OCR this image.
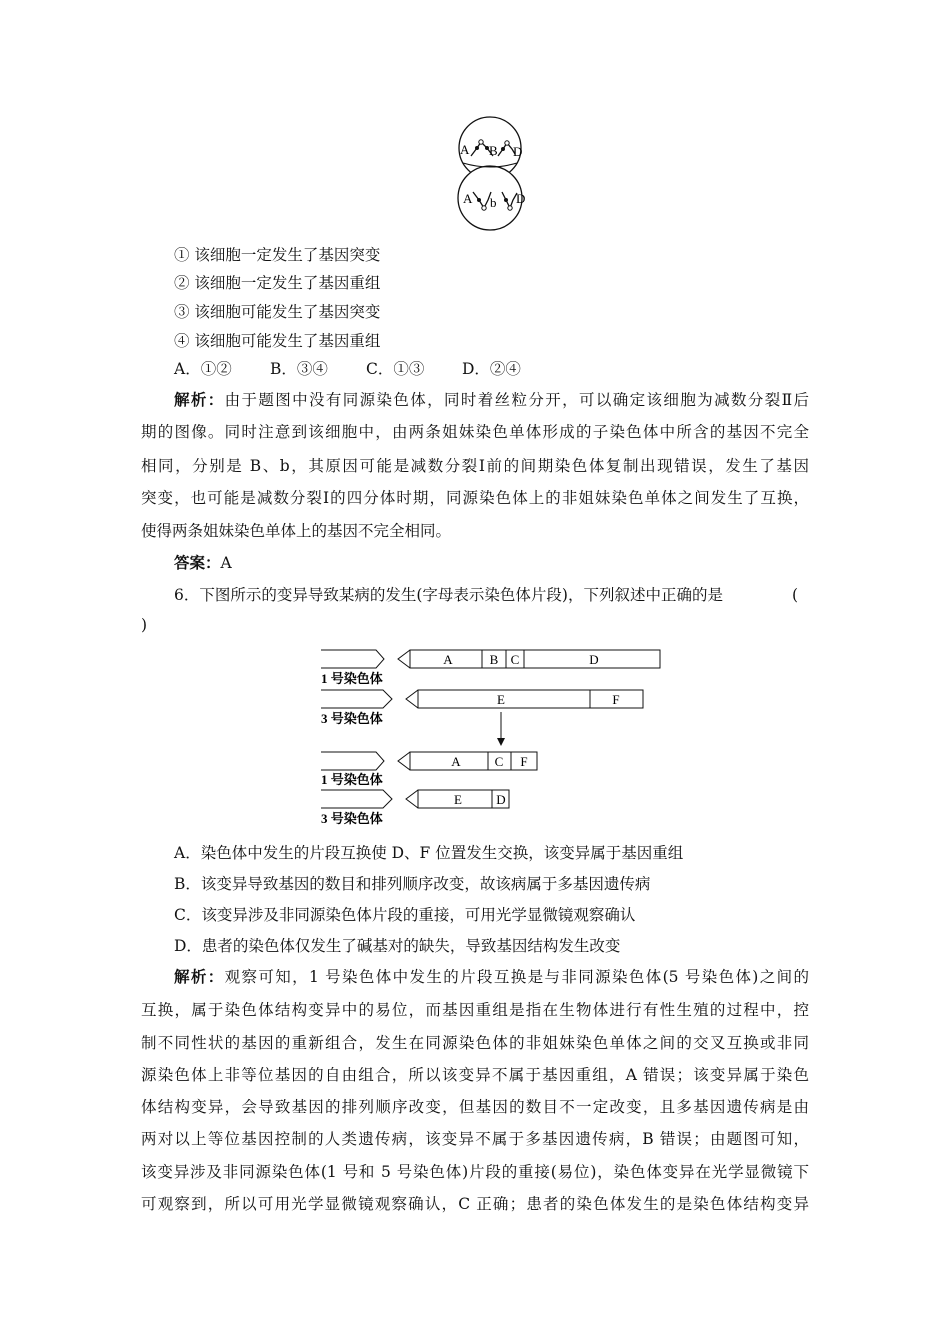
A B D
A b D
① 该细胞一定发生了基因突变
② 该细胞一定发生了基因重组
③ 该细胞可能发生了基因突变
④ 该细胞可能发生了基因重组
A．①② B．③④ C．①③ D．②④
解析：由于题图中没有同源染色体，同时着丝粒分开，可以确定该细胞为减数分裂Ⅱ后
期的图像。同时注意到该细胞中，由两条姐妹染色单体形成的子染色体中所含的基因不完全
相同，分别是 B、b，其原因可能是减数分裂Ⅰ前的间期染色体复制出现错误，发生了基因
突变，也可能是减数分裂Ⅰ的四分体时期，同源染色体上的非姐妹染色单体之间发生了互换，
使得两条姐妹染色单体上的基因不完全相同。
答案：A
6．下图所示的变异导致某病的发生(字母表示染色体片段)，下列叙述中正确的是	(
)
A	B C	D
E	F
A	C F
E	D
1 号染色体
3 号染色体
1 号染色体
3 号染色体
A．染色体中发生的片段互换使 D、F 位置发生交换，该变异属于基因重组
B．该变异导致基因的数目和排列顺序改变，故该病属于多基因遗传病
C．该变异涉及非同源染色体片段的重接，可用光学显微镜观察确认
D．患者的染色体仅发生了碱基对的缺失，导致基因结构发生改变
解析：观察可知，1 号染色体中发生的片段互换是与非同源染色体(5 号染色体)之间的
互换，属于染色体结构变异中的易位，而基因重组是指在生物体进行有性生殖的过程中，控
制不同性状的基因的重新组合，发生在同源染色体的非姐妹染色单体之间的交叉互换或非同
源染色体上非等位基因的自由组合，所以该变异不属于基因重组，A 错误；该变异属于染色
体结构变异，会导致基因的排列顺序改变，但基因的数目不一定改变，且多基因遗传病是由
两对以上等位基因控制的人类遗传病，该变异不属于多基因遗传病，B 错误；由题图可知，
该变异涉及非同源染色体(1 号和 5 号染色体)片段的重接(易位)，染色体变异在光学显微镜下
可观察到，所以可用光学显微镜观察确认，C 正确；患者的染色体发生的是染色体结构变异
